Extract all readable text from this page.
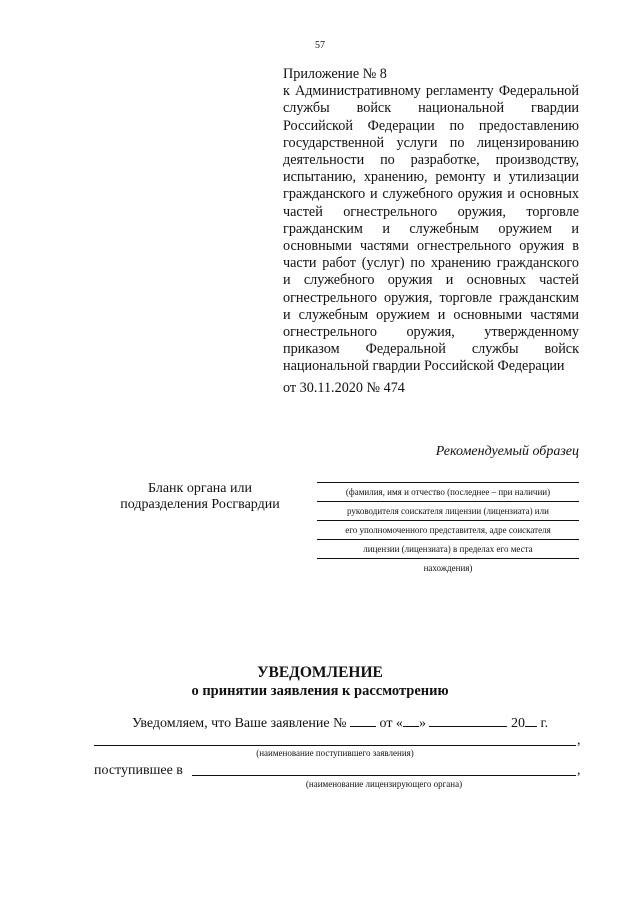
57
Приложение № 8
к Административному регламенту Федеральной службы войск национальной гвардии Российской Федерации по предоставлению государственной услуги по лицензированию деятельности по разработке, производству, испытанию, хранению, ремонту и утилизации гражданского и служебного оружия и основных частей огнестрельного оружия, торговле гражданским и служебным оружием и основными частями огнестрельного оружия в части работ (услуг) по хранению гражданского и служебного оружия и основных частей огнестрельного оружия, торговле гражданским и служебным оружием и основными частями огнестрельного оружия, утвержденному приказом Федеральной службы войск национальной гвардии Российской Федерации
от 30.11.2020 № 474
Рекомендуемый образец
Бланк органа или подразделения Росгвардии
(фамилия, имя и отчество (последнее – при наличии)
руководителя соискателя лицензии (лицензиата) или
его уполномоченного представителя, адре соискателя
лицензии (лицензиата) в пределах его места
нахождения)
УВЕДОМЛЕНИЕ
о принятии заявления к рассмотрению
Уведомляем, что Ваше заявление № от « »	20 г.
,
(наименование поступившего заявления)
поступившее в	,
(наименование лицензирующего органа)
